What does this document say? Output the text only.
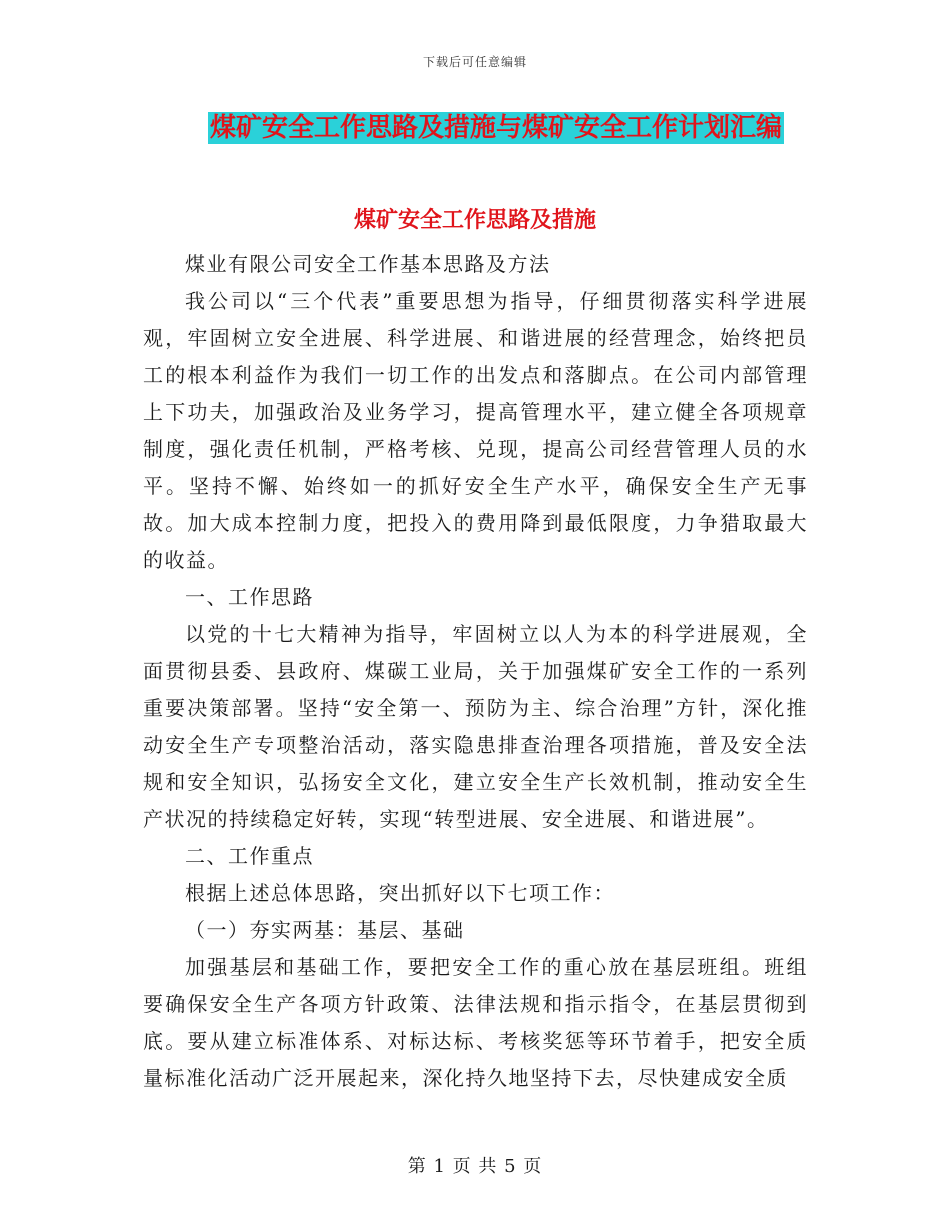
下载后可任意编辑
煤矿安全工作思路及措施与煤矿安全工作计划汇编
煤矿安全工作思路及措施

煤业有限公司安全工作基本思路及方法

我公司以“三个代表”重要思想为指导，仔细贯彻落实科学进展观，牢固树立安全进展、科学进展、和谐进展的经营理念，始终把员工的根本利益作为我们一切工作的出发点和落脚点。在公司内部管理上下功夫，加强政治及业务学习，提高管理水平，建立健全各项规章制度，强化责任机制，严格考核、兑现，提高公司经营管理人员的水平。坚持不懈、始终如一的抓好安全生产水平，确保安全生产无事故。加大成本控制力度，把投入的费用降到最低限度，力争猎取最大的收益。

一、工作思路

以党的十七大精神为指导，牢固树立以人为本的科学进展观，全面贯彻县委、县政府、煤碳工业局，关于加强煤矿安全工作的一系列重要决策部署。坚持“安全第一、预防为主、综合治理”方针，深化推动安全生产专项整治活动，落实隐患排查治理各项措施，普及安全法规和安全知识，弘扬安全文化，建立安全生产长效机制，推动安全生产状况的持续稳定好转，实现“转型进展、安全进展、和谐进展”。

二、工作重点

根据上述总体思路，突出抓好以下七项工作：

（一）夯实两基：基层、基础

加强基层和基础工作，要把安全工作的重心放在基层班组。班组要确保安全生产各项方针政策、法律法规和指示指令，在基层贯彻到底。要从建立标准体系、对标达标、考核奖惩等环节着手，把安全质量标准化活动广泛开展起来，深化持久地坚持下去，尽快建成安全质

第 1 页 共 5 页
